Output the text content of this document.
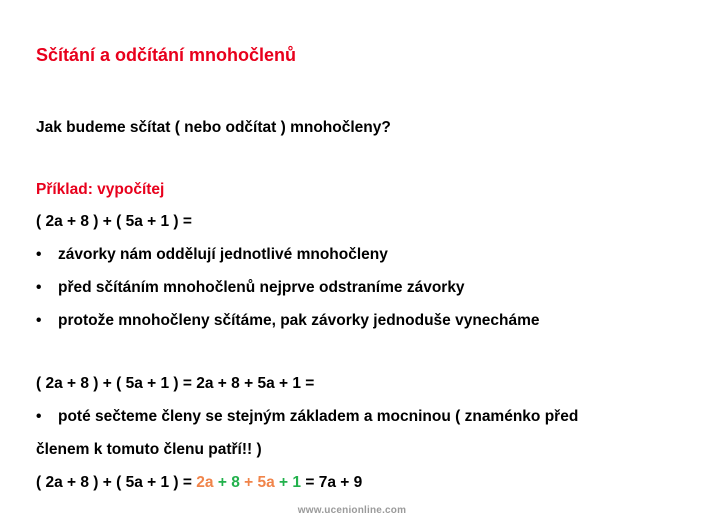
Sčítání a odčítání mnohočlenů
Jak budeme sčítat ( nebo odčítat ) mnohočleny?
Příklad: vypočítej
( 2a + 8 ) + ( 5a + 1 ) =
• závorky nám oddělují jednotlivé mnohočleny
• před sčítáním mnohočlenů nejprve odstraníme závorky
• protože mnohočleny sčítáme, pak závorky jednoduše vynecháme
( 2a + 8 ) + ( 5a + 1 ) = 2a + 8 + 5a + 1 =
• poté sečteme členy se stejným základem a mocninou ( znaménko před
členem k tomuto členu patří!! )
( 2a + 8 ) + ( 5a + 1 ) = 2a + 8 + 5a + 1 = 7a + 9
www.ucenionline.com
